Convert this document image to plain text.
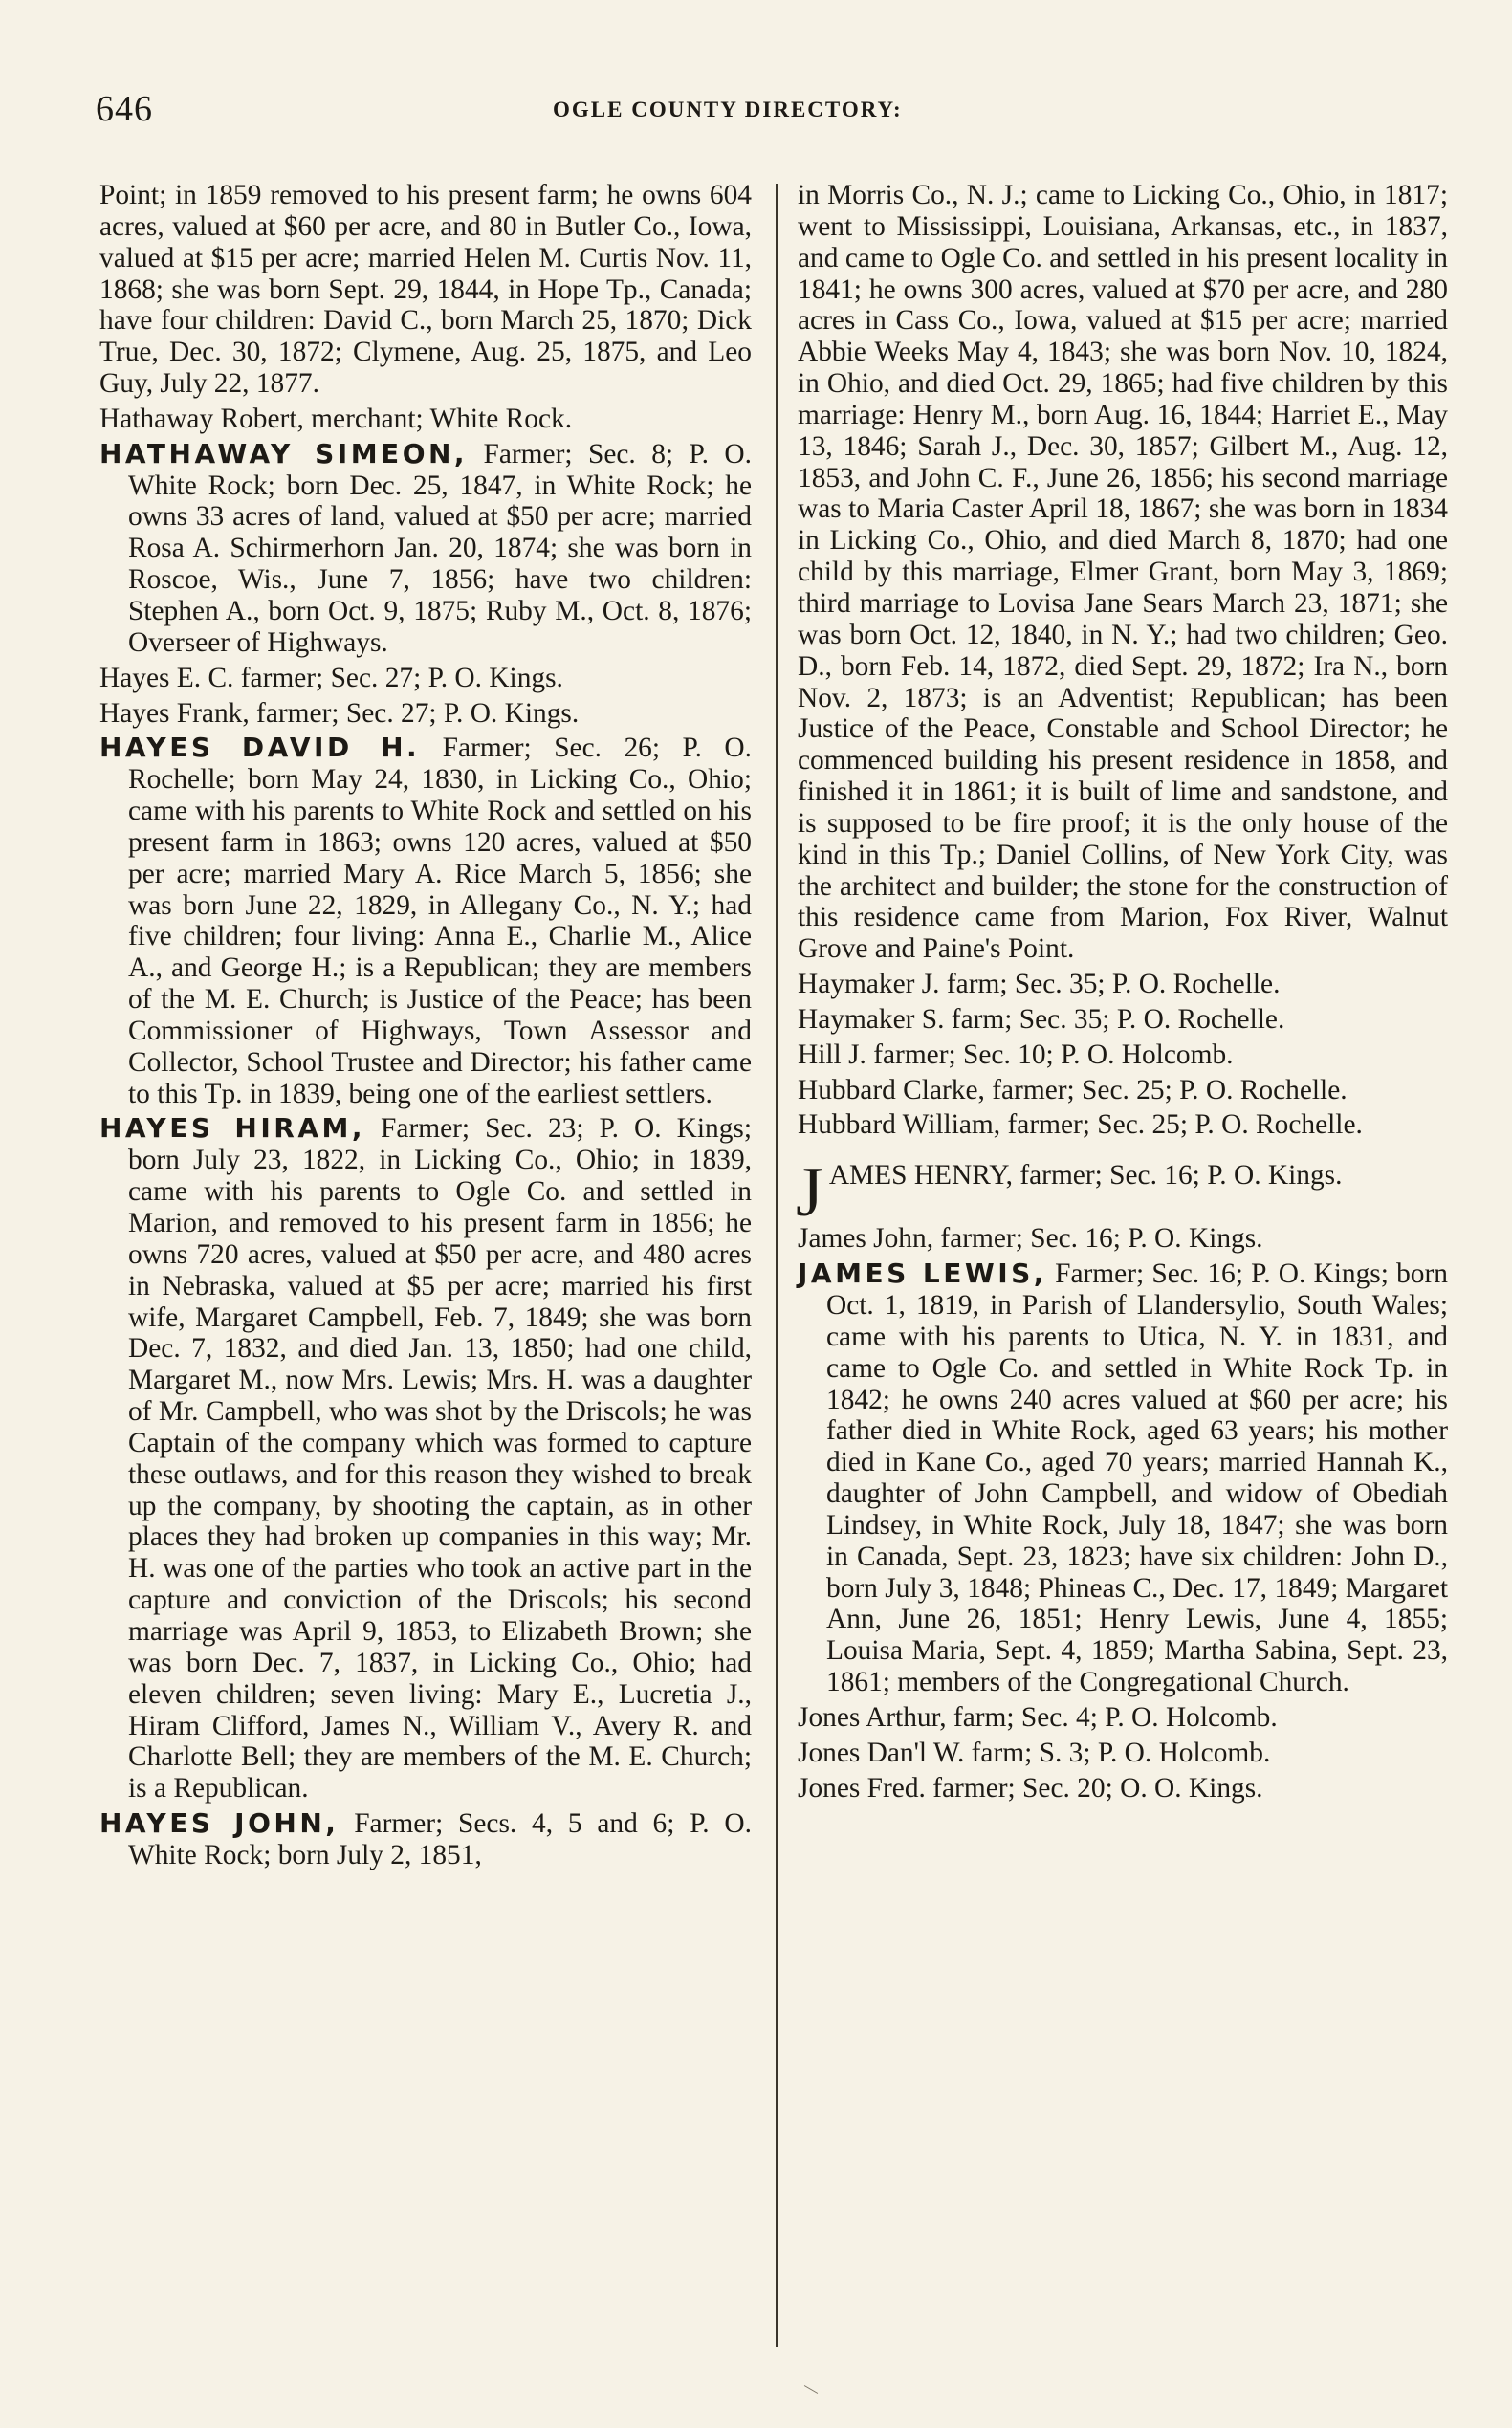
646	OGLE COUNTY DIRECTORY:

Point; in 1859 removed to his present farm; he owns 604 acres, valued at $60 per acre, and 80 in Butler Co., Iowa, valued at $15 per acre; married Helen M. Curtis Nov. 11, 1868; she was born Sept. 29, 1844, in Hope Tp., Canada; have four children: David C., born March 25, 1870; Dick True, Dec. 30, 1872; Clymene, Aug. 25, 1875, and Leo Guy, July 22, 1877.

Hathaway Robert, merchant; White Rock.

HATHAWAY SIMEON, Farmer; Sec. 8; P. O. White Rock; born Dec. 25, 1847, in White Rock; he owns 33 acres of land, valued at $50 per acre; married Rosa A. Schirmerhorn Jan. 20, 1874; she was born in Roscoe, Wis., June 7, 1856; have two children: Stephen A., born Oct. 9, 1875; Ruby M., Oct. 8, 1876; Overseer of Highways.

Hayes E. C. farmer; Sec. 27; P. O. Kings.

Hayes Frank, farmer; Sec. 27; P. O. Kings.

HAYES DAVID H. Farmer; Sec. 26; P. O. Rochelle; born May 24, 1830, in Licking Co., Ohio; came with his parents to White Rock and settled on his present farm in 1863; owns 120 acres, valued at $50 per acre; married Mary A. Rice March 5, 1856; she was born June 22, 1829, in Allegany Co., N. Y.; had five children; four living: Anna E., Charlie M., Alice A., and George H.; is a Republican; they are members of the M. E. Church; is Justice of the Peace; has been Commissioner of Highways, Town Assessor and Collector, School Trustee and Director; his father came to this Tp. in 1839, being one of the earliest settlers.

HAYES HIRAM, Farmer; Sec. 23; P. O. Kings; born July 23, 1822, in Licking Co., Ohio; in 1839, came with his parents to Ogle Co. and settled in Marion, and removed to his present farm in 1856; he owns 720 acres, valued at $50 per acre, and 480 acres in Nebraska, valued at $5 per acre; married his first wife, Margaret Campbell, Feb. 7, 1849; she was born Dec. 7, 1832, and died Jan. 13, 1850; had one child, Margaret M., now Mrs. Lewis; Mrs. H. was a daughter of Mr. Campbell, who was shot by the Driscols; he was Captain of the company which was formed to capture these outlaws, and for this reason they wished to break up the company, by shooting the captain, as in other places they had broken up companies in this way; Mr. H. was one of the parties who took an active part in the capture and conviction of the Driscols; his second marriage was April 9, 1853, to Elizabeth Brown; she was born Dec. 7, 1837, in Licking Co., Ohio; had eleven children; seven living: Mary E., Lucretia J., Hiram Clifford, James N., William V., Avery R. and Charlotte Bell; they are members of the M. E. Church; is a Republican.

HAYES JOHN, Farmer; Secs. 4, 5 and 6; P. O. White Rock; born July 2, 1851,

in Morris Co., N. J.; came to Licking Co., Ohio, in 1817; went to Mississippi, Louisiana, Arkansas, etc., in 1837, and came to Ogle Co. and settled in his present locality in 1841; he owns 300 acres, valued at $70 per acre, and 280 acres in Cass Co., Iowa, valued at $15 per acre; married Abbie Weeks May 4, 1843; she was born Nov. 10, 1824, in Ohio, and died Oct. 29, 1865; had five children by this marriage: Henry M., born Aug. 16, 1844; Harriet E., May 13, 1846; Sarah J., Dec. 30, 1857; Gilbert M., Aug. 12, 1853, and John C. F., June 26, 1856; his second marriage was to Maria Caster April 18, 1867; she was born in 1834 in Licking Co., Ohio, and died March 8, 1870; had one child by this marriage, Elmer Grant, born May 3, 1869; third marriage to Lovisa Jane Sears March 23, 1871; she was born Oct. 12, 1840, in N. Y.; had two children; Geo. D., born Feb. 14, 1872, died Sept. 29, 1872; Ira N., born Nov. 2, 1873; is an Adventist; Republican; has been Justice of the Peace, Constable and School Director; he commenced building his present residence in 1858, and finished it in 1861; it is built of lime and sandstone, and is supposed to be fire proof; it is the only house of the kind in this Tp.; Daniel Collins, of New York City, was the architect and builder; the stone for the construction of this residence came from Marion, Fox River, Walnut Grove and Paine's Point.

Haymaker J. farm; Sec. 35; P. O. Rochelle.

Haymaker S. farm; Sec. 35; P. O. Rochelle.

Hill J. farmer; Sec. 10; P. O. Holcomb.

Hubbard Clarke, farmer; Sec. 25; P. O. Rochelle.

Hubbard William, farmer; Sec. 25; P. O. Rochelle.

JAMES HENRY, farmer; Sec. 16; P. O. Kings.

James John, farmer; Sec. 16; P. O. Kings.

JAMES LEWIS, Farmer; Sec. 16; P. O. Kings; born Oct. 1, 1819, in Parish of Llandersylio, South Wales; came with his parents to Utica, N. Y. in 1831, and came to Ogle Co. and settled in White Rock Tp. in 1842; he owns 240 acres valued at $60 per acre; his father died in White Rock, aged 63 years; his mother died in Kane Co., aged 70 years; married Hannah K., daughter of John Campbell, and widow of Obediah Lindsey, in White Rock, July 18, 1847; she was born in Canada, Sept. 23, 1823; have six children: John D., born July 3, 1848; Phineas C., Dec. 17, 1849; Margaret Ann, June 26, 1851; Henry Lewis, June 4, 1855; Louisa Maria, Sept. 4, 1859; Martha Sabina, Sept. 23, 1861; members of the Congregational Church.

Jones Arthur, farm; Sec. 4; P. O. Holcomb.

Jones Dan'l W. farm; S. 3; P. O. Holcomb.

Jones Fred. farmer; Sec. 20; O. O. Kings.
